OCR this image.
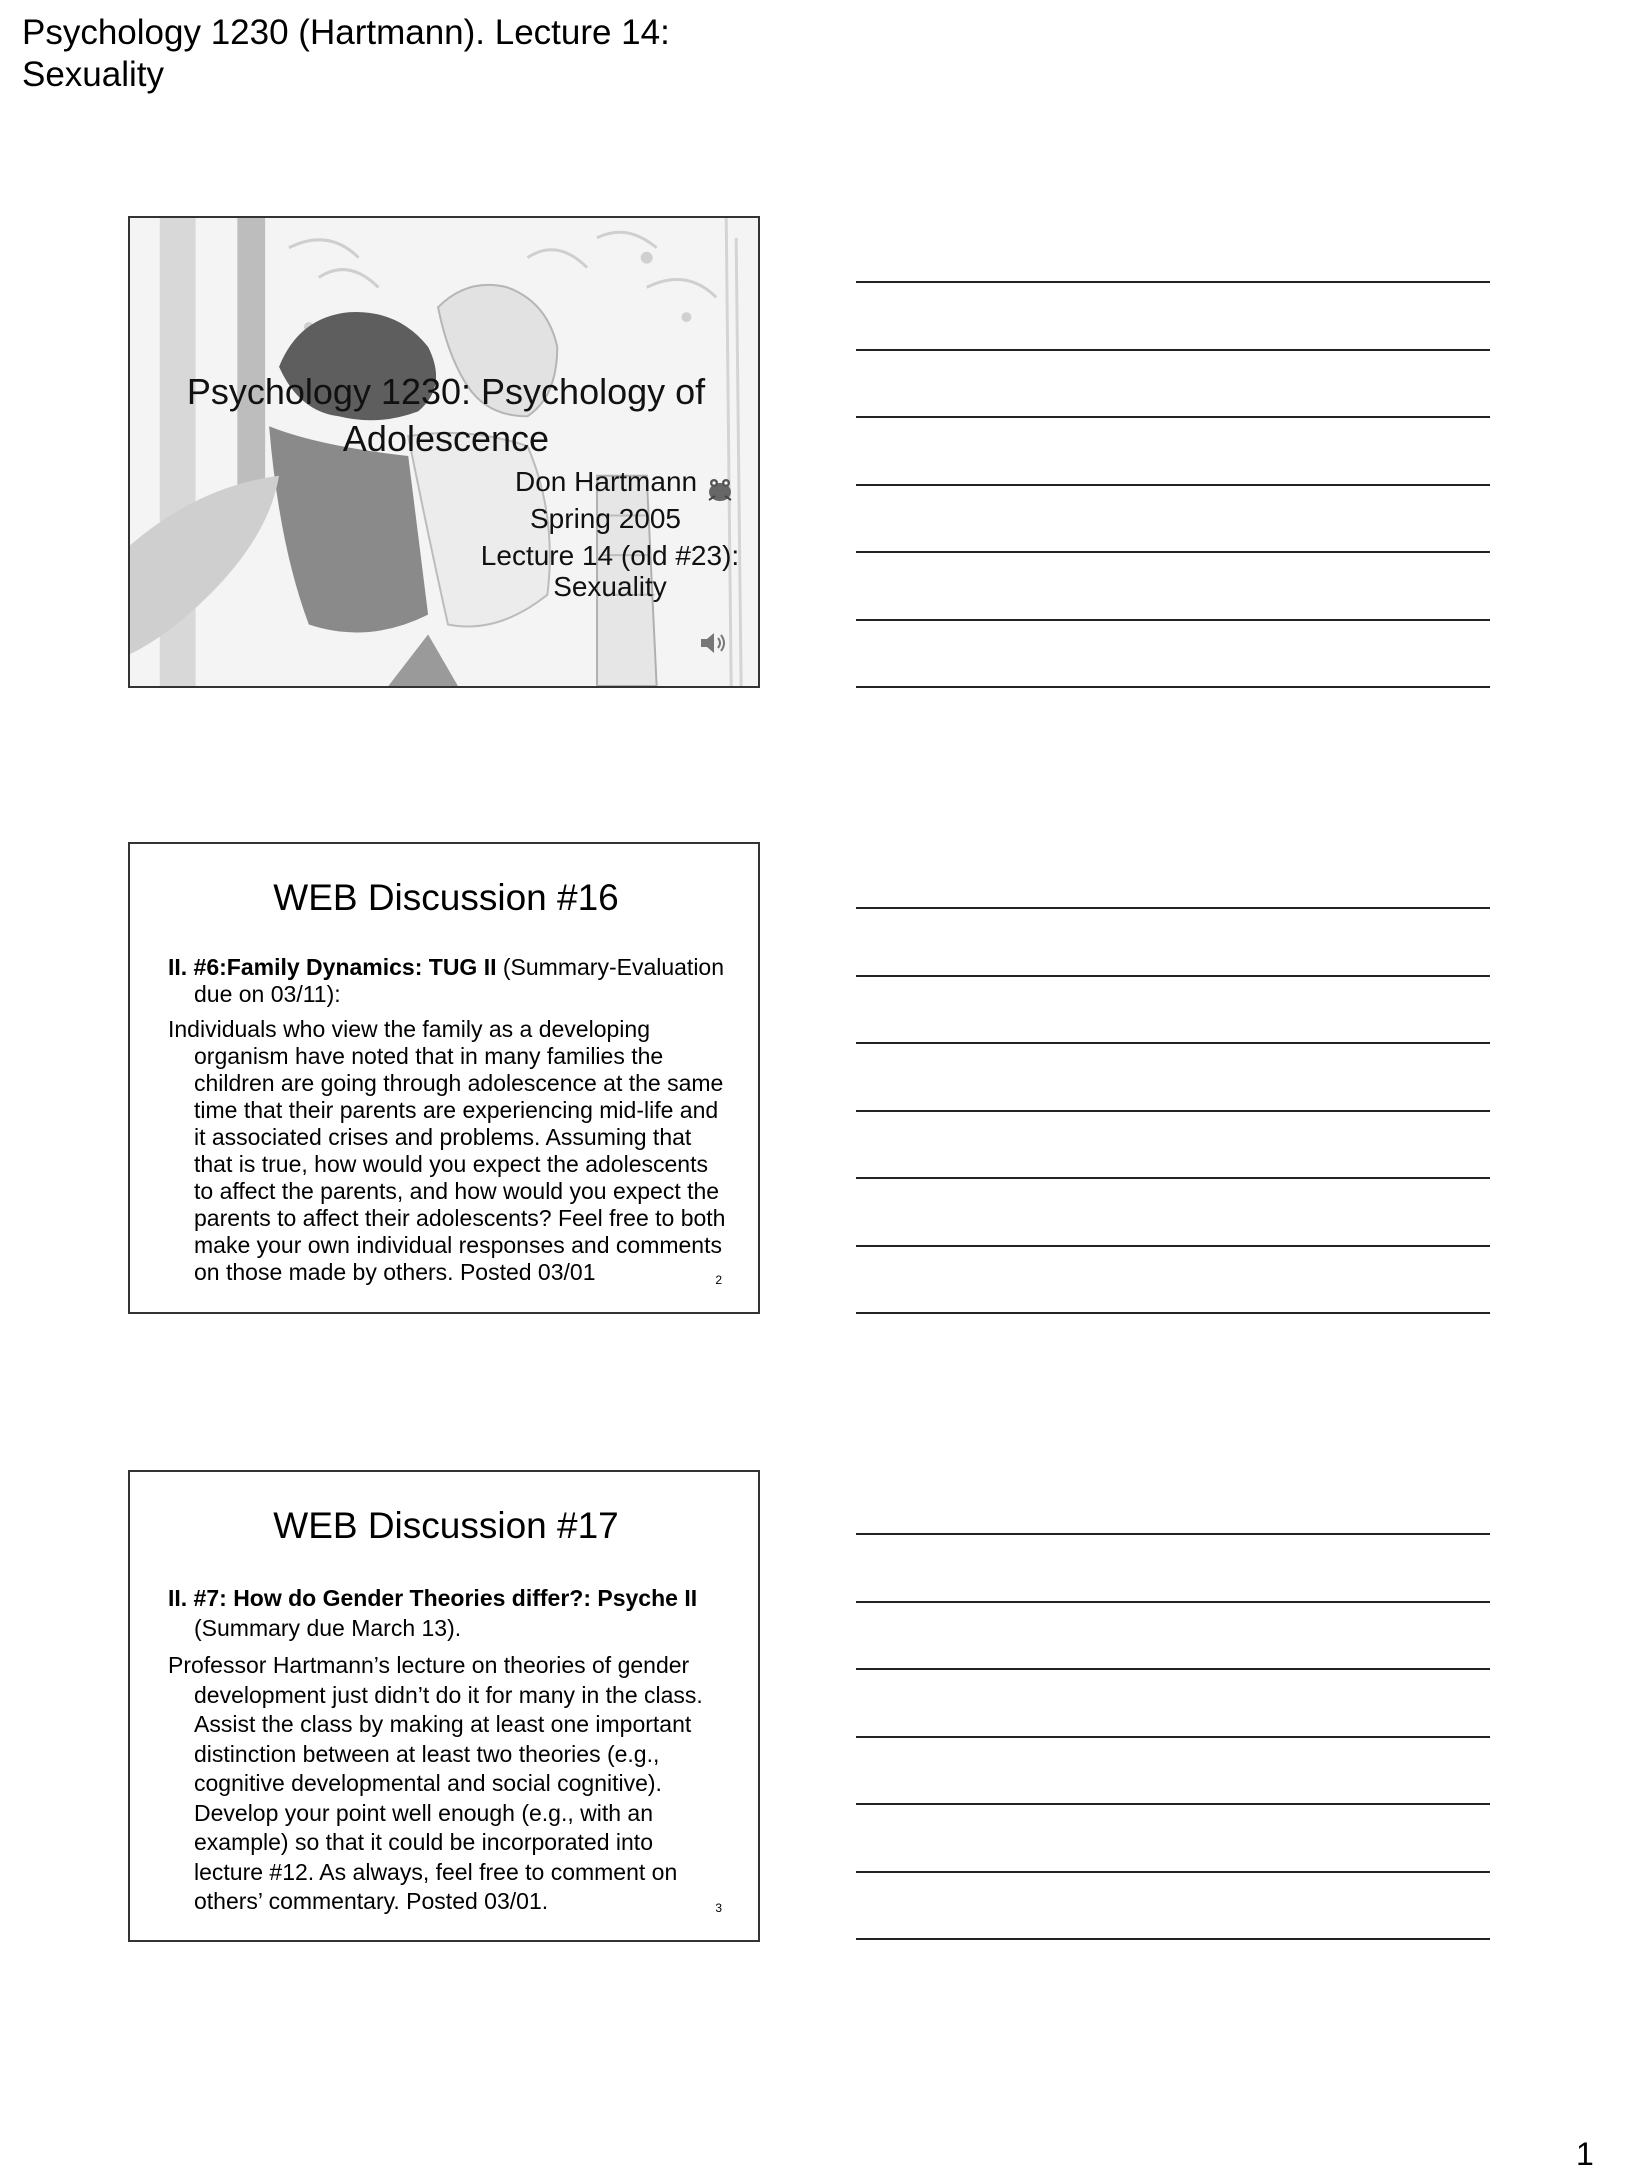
Psychology 1230 (Hartmann). Lecture 14: Sexuality
Psychology 1230: Psychology of Adolescence
Don Hartmann
Spring 2005
Lecture 14 (old #23): Sexuality
WEB Discussion #16

II. #6:Family Dynamics: TUG II (Summary-Evaluation due on 03/11):

Individuals who view the family as a developing organism have noted that in many families the children are going through adolescence at the same time that their parents are experiencing mid-life and it associated crises and problems. Assuming that that is true, how would you expect the adolescents to affect the parents, and how would you expect the parents to affect their adolescents? Feel free to both make your own individual responses and comments on those made by others. Posted 03/01	2
WEB Discussion #17

II. #7: How do Gender Theories differ?: Psyche II (Summary due March 13).

Professor Hartmann’s lecture on theories of gender development just didn’t do it for many in the class. Assist the class by making at least one important distinction between at least two theories (e.g., cognitive developmental and social cognitive). Develop your point well enough (e.g., with an example) so that it could be incorporated into lecture #12. As always, feel free to comment on others’ commentary. Posted 03/01.	3
1
